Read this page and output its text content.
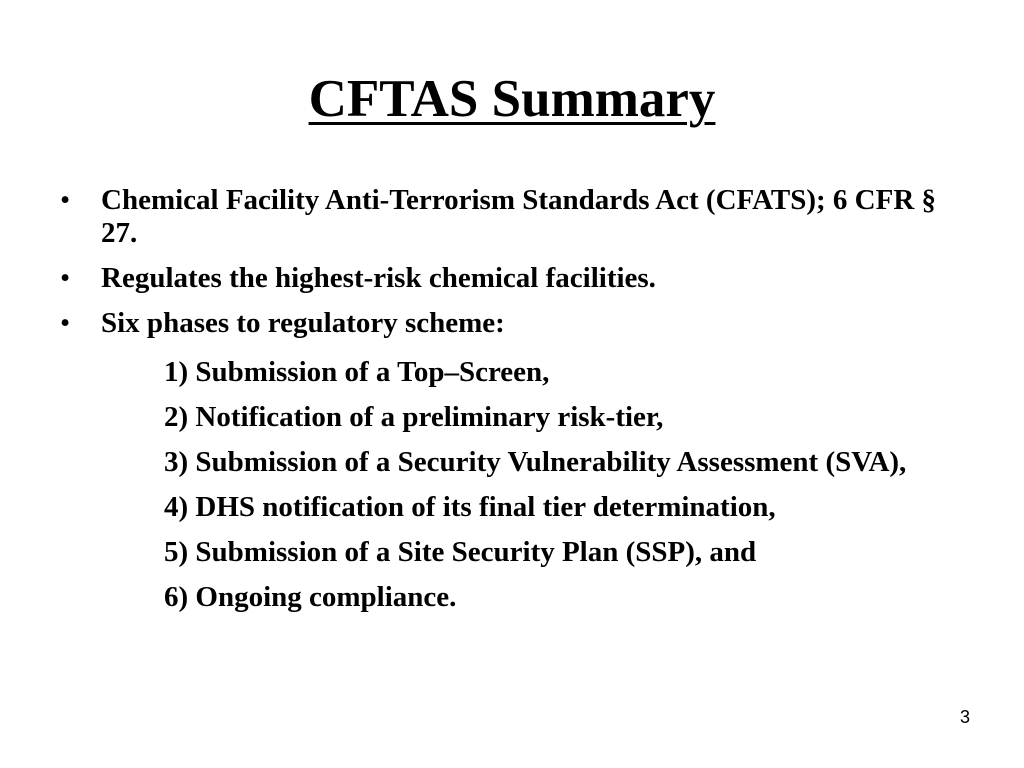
CFTAS Summary
• Chemical Facility Anti-Terrorism Standards Act (CFATS); 6 CFR § 27.
• Regulates the highest-risk chemical facilities.
• Six phases to regulatory scheme:
1) Submission of a Top–Screen,
2) Notification of a preliminary risk-tier,
3) Submission of a Security Vulnerability Assessment (SVA),
4) DHS notification of its final tier determination,
5) Submission of a Site Security Plan (SSP), and
6) Ongoing compliance.
3
